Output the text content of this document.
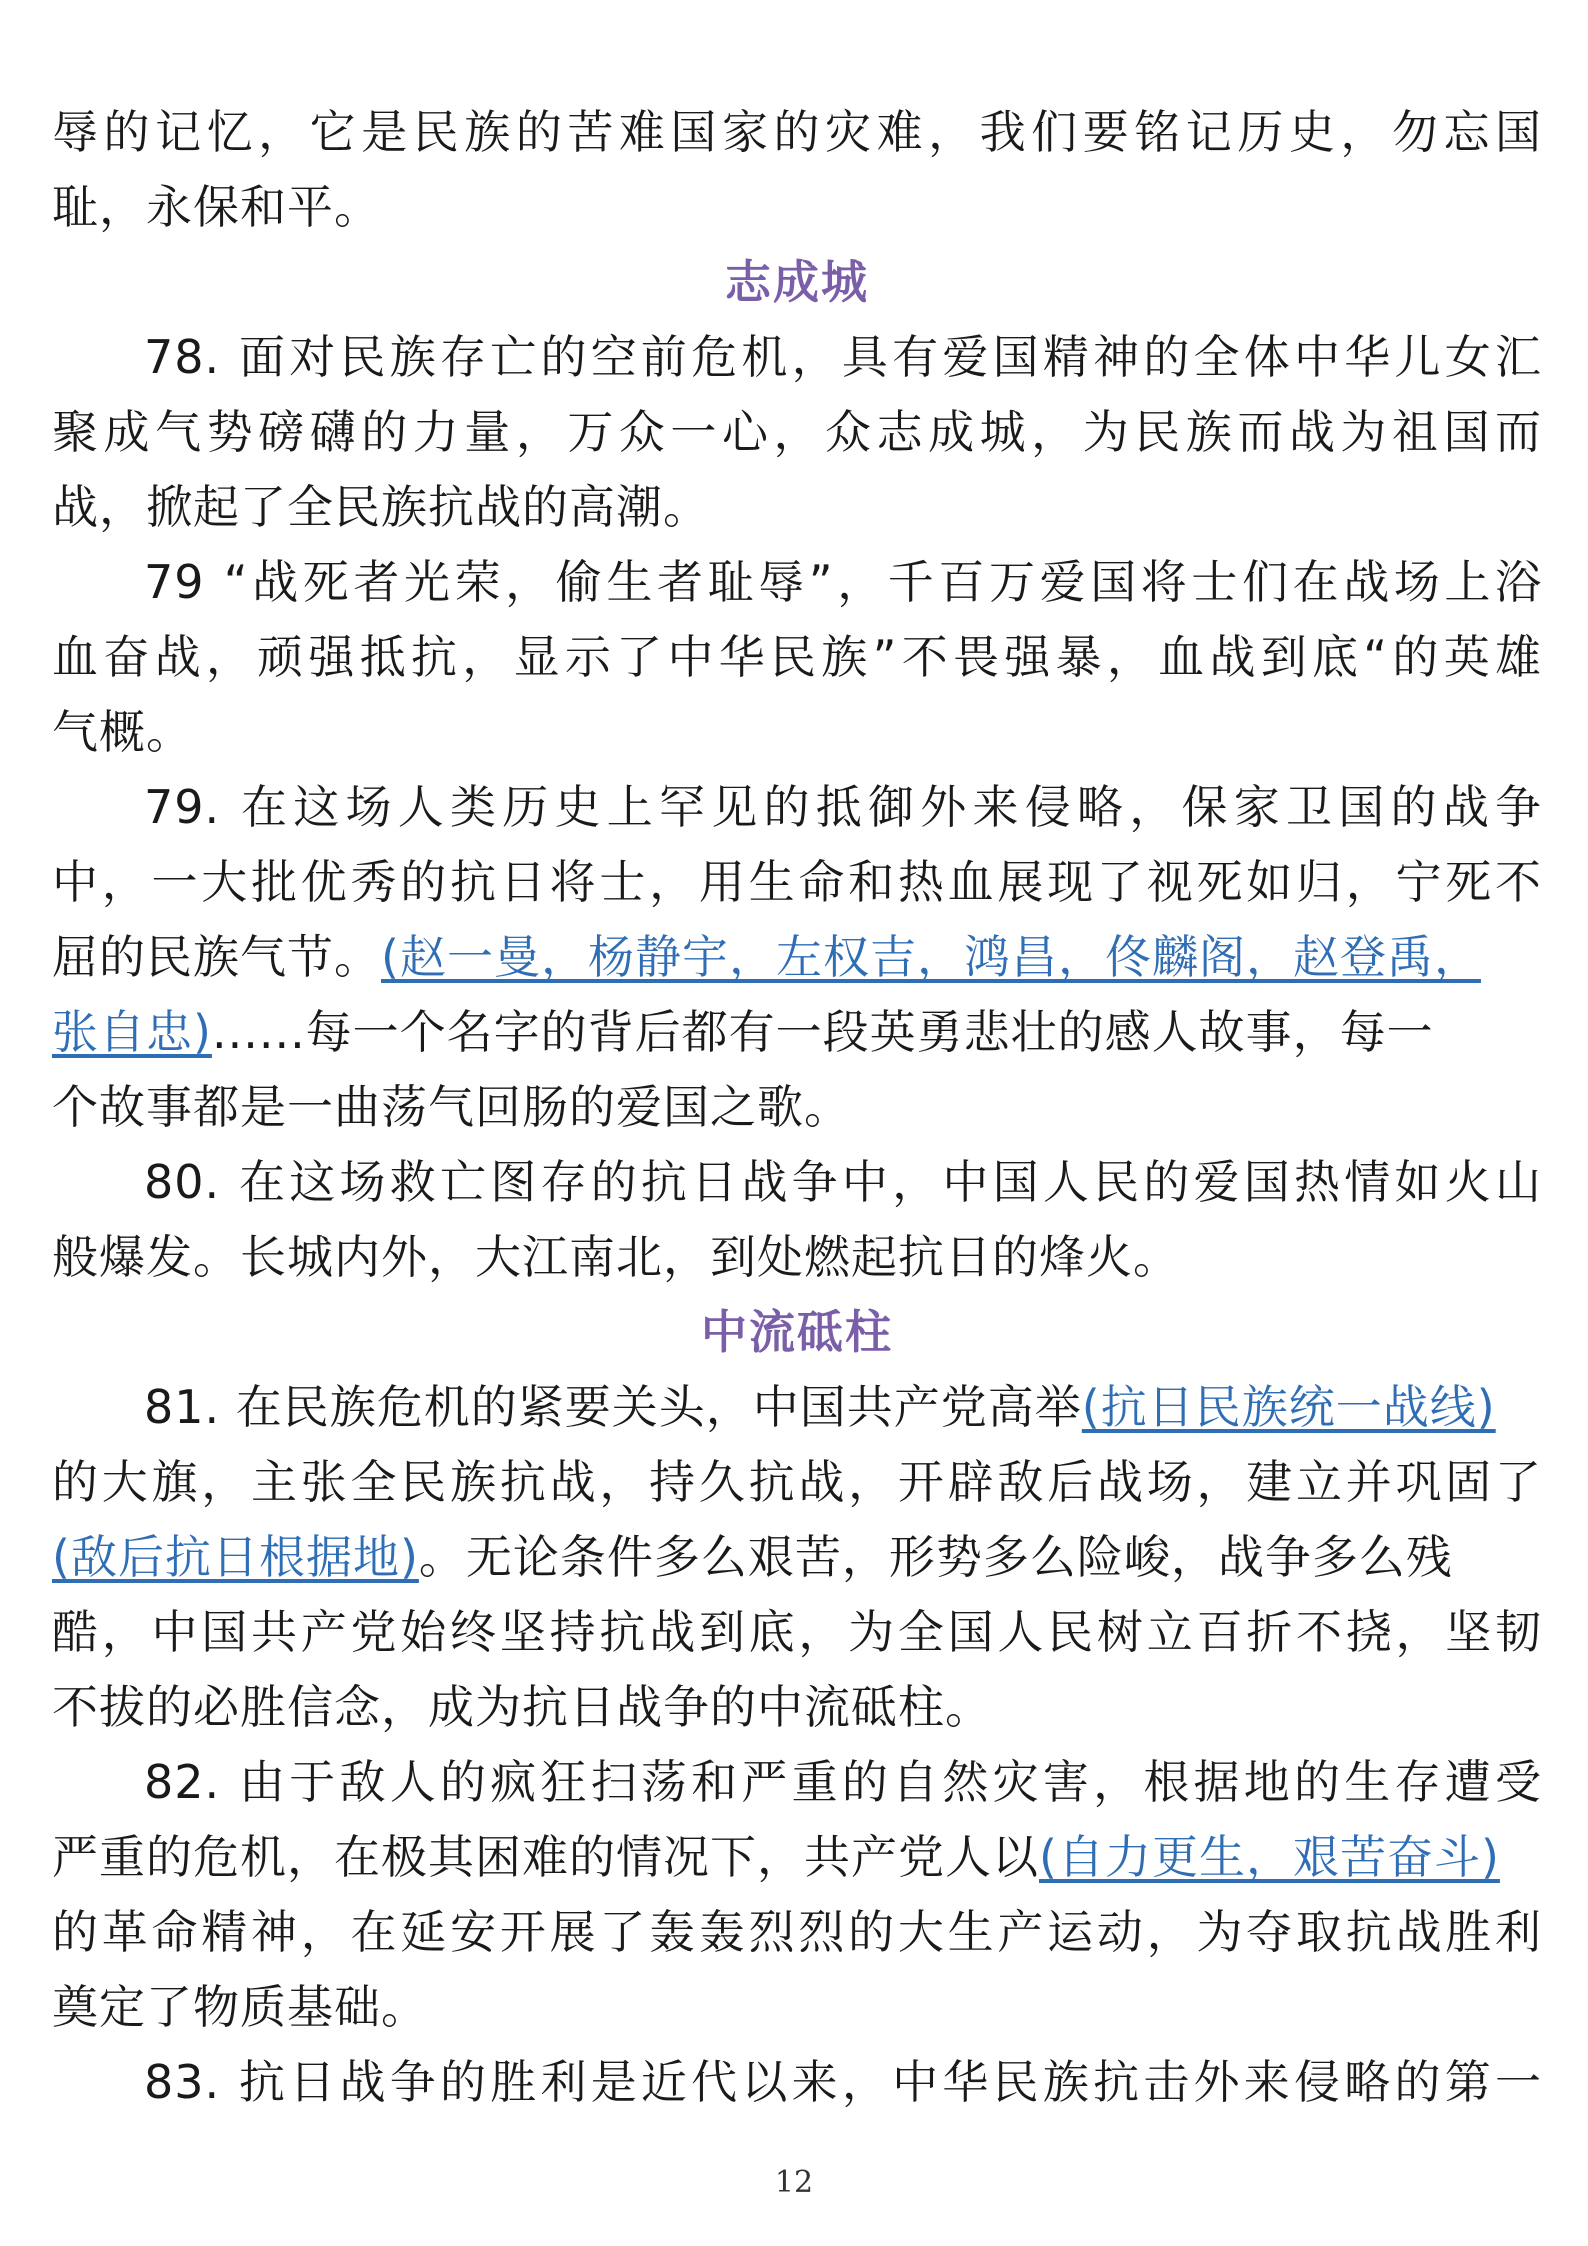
辱的记忆，它是民族的苦难国家的灾难，我们要铭记历史，勿忘国
耻，永保和平。
志成城
78. 面对民族存亡的空前危机，具有爱国精神的全体中华儿女汇
聚成气势磅礴的力量，万众一心，众志成城，为民族而战为祖国而
战，掀起了全民族抗战的高潮。
79 “战死者光荣，偷生者耻辱”，千百万爱国将士们在战场上浴
血奋战，顽强抵抗，显示了中华民族”不畏强暴，血战到底“的英雄
气概。
79. 在这场人类历史上罕见的抵御外来侵略，保家卫国的战争
中，一大批优秀的抗日将士，用生命和热血展现了视死如归，宁死不
屈的民族气节。(赵一曼，杨静宇，左权吉，鸿昌，佟麟阁，赵登禹，
张自忠)......每一个名字的背后都有一段英勇悲壮的感人故事，每一
个故事都是一曲荡气回肠的爱国之歌。
80. 在这场救亡图存的抗日战争中，中国人民的爱国热情如火山
般爆发。长城内外，大江南北，到处燃起抗日的烽火。
中流砥柱
81. 在民族危机的紧要关头，中国共产党高举(抗日民族统一战线)
的大旗，主张全民族抗战，持久抗战，开辟敌后战场，建立并巩固了
(敌后抗日根据地)。无论条件多么艰苦，形势多么险峻，战争多么残
酷，中国共产党始终坚持抗战到底，为全国人民树立百折不挠，坚韧
不拔的必胜信念，成为抗日战争的中流砥柱。
82. 由于敌人的疯狂扫荡和严重的自然灾害，根据地的生存遭受
严重的危机，在极其困难的情况下，共产党人以(自力更生，艰苦奋斗)
的革命精神，在延安开展了轰轰烈烈的大生产运动，为夺取抗战胜利
奠定了物质基础。
83. 抗日战争的胜利是近代以来，中华民族抗击外来侵略的第一
12
